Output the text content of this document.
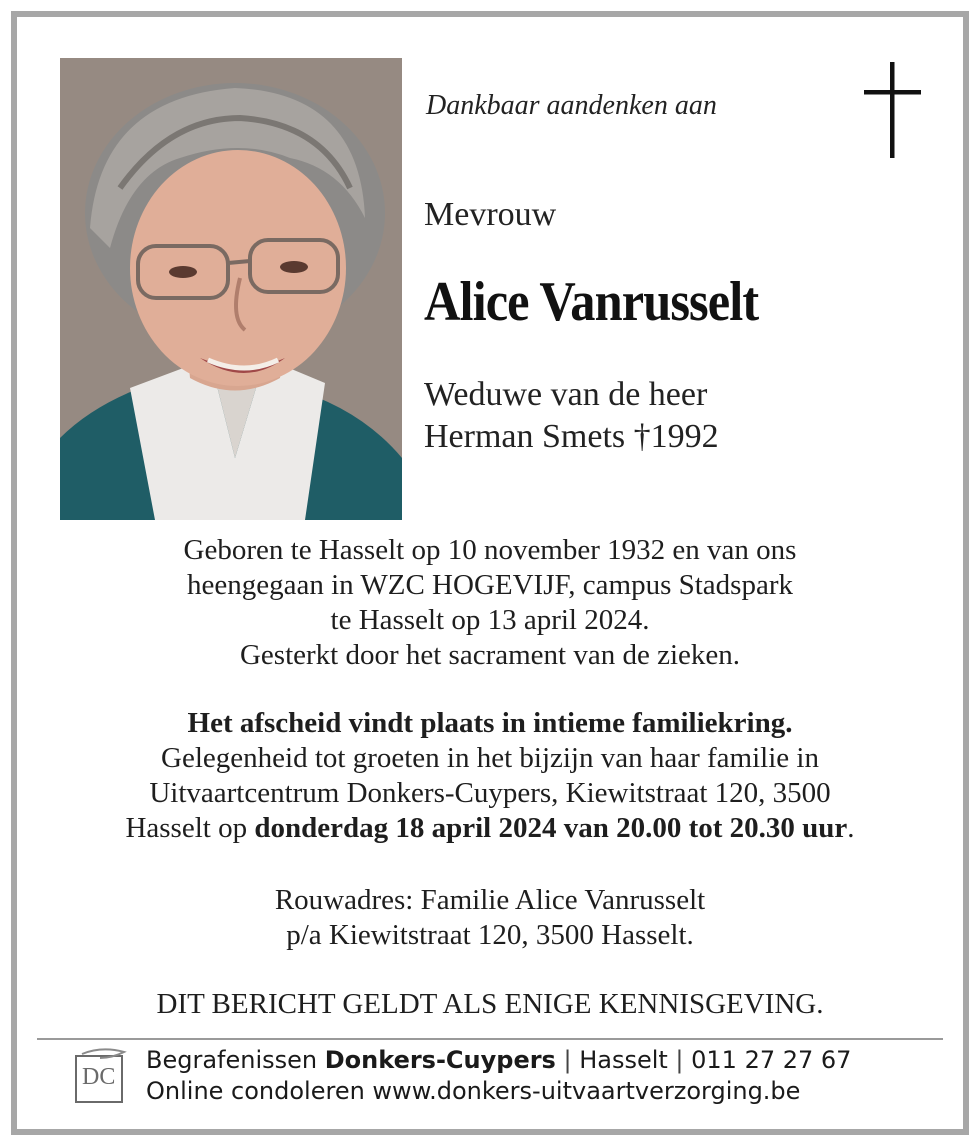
Dankbaar aandenken aan
Mevrouw
Alice Vanrusselt
Weduwe van de heer
Herman Smets †1992
Geboren te Hasselt op 10 november 1932 en van ons
heengegaan in WZC HOGEVIJF, campus Stadspark
te Hasselt op 13 april 2024.
Gesterkt door het sacrament van de zieken.
Het afscheid vindt plaats in intieme familiekring.
Gelegenheid tot groeten in het bijzijn van haar familie in
Uitvaartcentrum Donkers-Cuypers, Kiewitstraat 120, 3500
Hasselt op donderdag 18 april 2024 van 20.00 tot 20.30 uur.
Rouwadres: Familie Alice Vanrusselt
p/a Kiewitstraat 120, 3500 Hasselt.
DIT BERICHT GELDT ALS ENIGE KENNISGEVING.
DC
Begrafenissen Donkers-Cuypers | Hasselt | 011 27 27 67
Online condoleren www.donkers-uitvaartverzorging.be
